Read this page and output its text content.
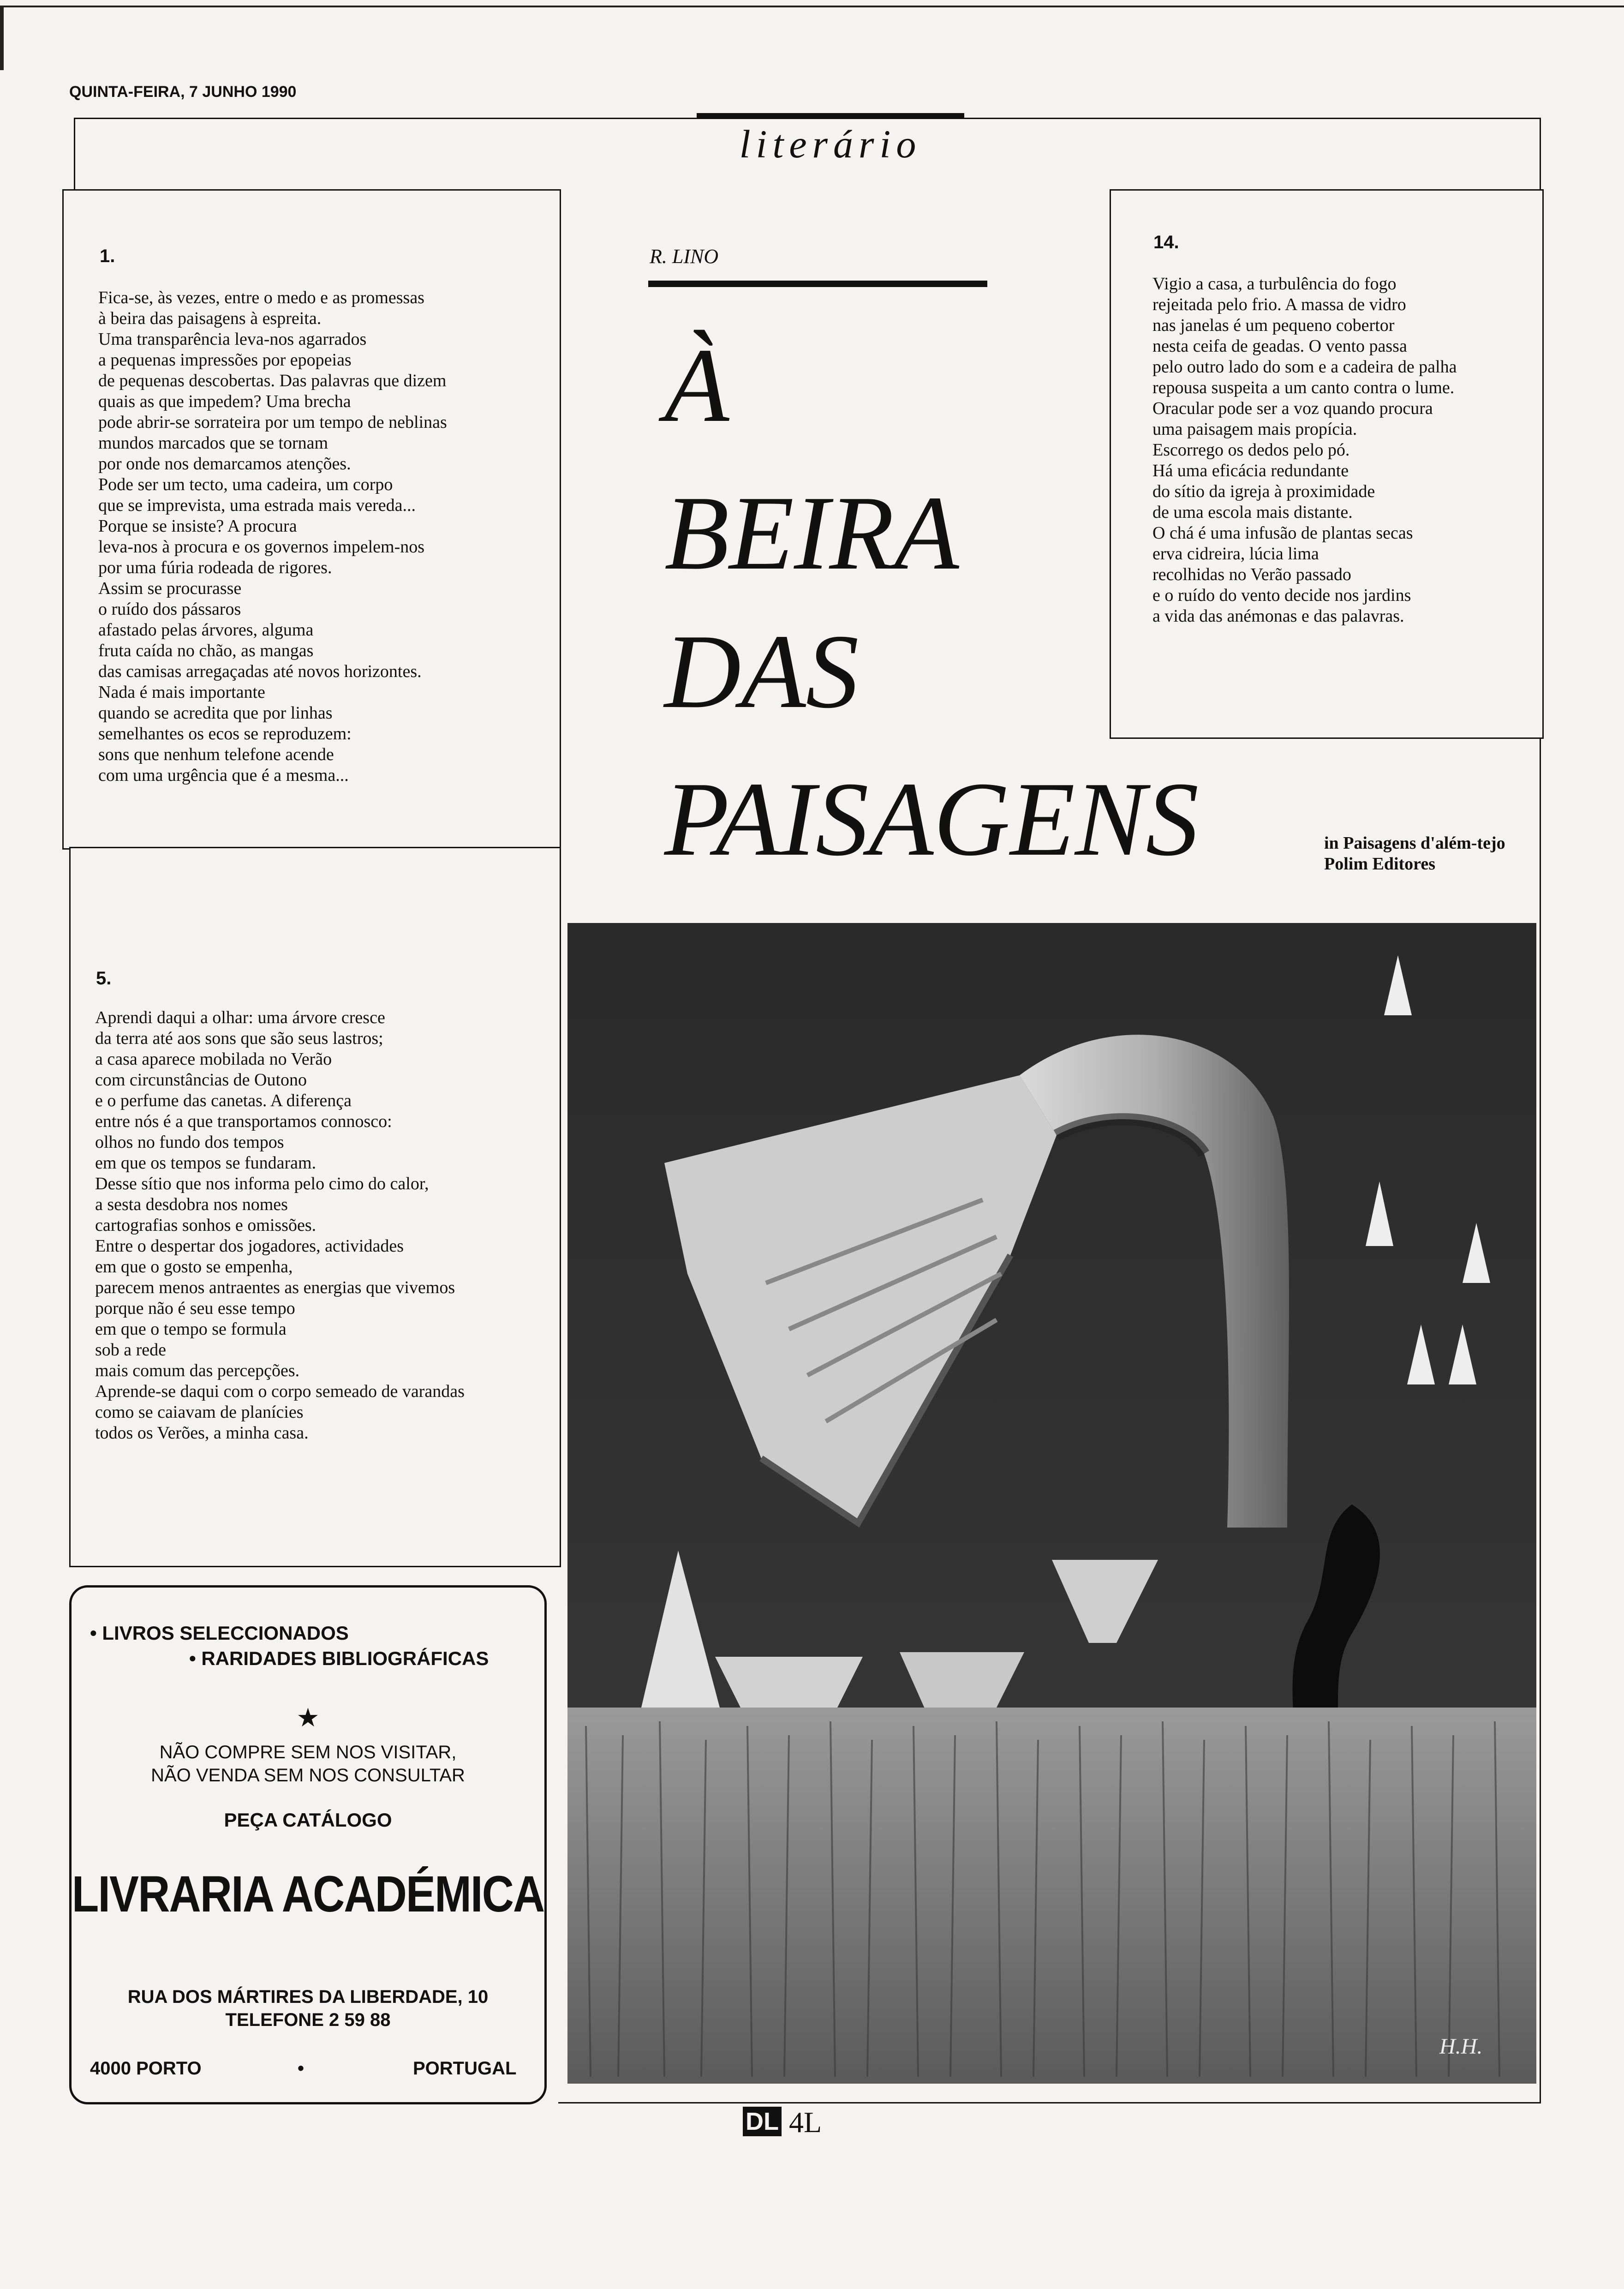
QUINTA-FEIRA, 7 JUNHO 1990
literário
1.
Fica-se, às vezes, entre o medo e as promessas
à beira das paisagens à espreita.
Uma transparência leva-nos agarrados
a pequenas impressões por epopeias
de pequenas descobertas. Das palavras que dizem
quais as que impedem? Uma brecha
pode abrir-se sorrateira por um tempo de neblinas
mundos marcados que se tornam
por onde nos demarcamos atenções.
Pode ser um tecto, uma cadeira, um corpo
que se imprevista, uma estrada mais vereda...
Porque se insiste? A procura
leva-nos à procura e os governos impelem-nos
por uma fúria rodeada de rigores.
Assim se procurasse
o ruído dos pássaros
afastado pelas árvores, alguma
fruta caída no chão, as mangas
das camisas arregaçadas até novos horizontes.
Nada é mais importante
quando se acredita que por linhas
semelhantes os ecos se reproduzem:
sons que nenhum telefone acende
com uma urgência que é a mesma...
5.
Aprendi daqui a olhar: uma árvore cresce
da terra até aos sons que são seus lastros;
a casa aparece mobilada no Verão
com circunstâncias de Outono
e o perfume das canetas. A diferença
entre nós é a que transportamos connosco:
olhos no fundo dos tempos
em que os tempos se fundaram.
Desse sítio que nos informa pelo cimo do calor,
a sesta desdobra nos nomes
cartografias sonhos e omissões.
Entre o despertar dos jogadores, actividades
em que o gosto se empenha,
parecem menos antraentes as energias que vivemos
porque não é seu esse tempo
em que o tempo se formula
sob a rede
mais comum das percepções.
Aprende-se daqui com o corpo semeado de varandas
como se caiavam de planícies
todos os Verões, a minha casa.
14.
Vigio a casa, a turbulência do fogo
rejeitada pelo frio. A massa de vidro
nas janelas é um pequeno cobertor
nesta ceifa de geadas. O vento passa
pelo outro lado do som e a cadeira de palha
repousa suspeita a um canto contra o lume.
Oracular pode ser a voz quando procura
uma paisagem mais propícia.
Escorrego os dedos pelo pó.
Há uma eficácia redundante
do sítio da igreja à proximidade
de uma escola mais distante.
O chá é uma infusão de plantas secas
erva cidreira, lúcia lima
recolhidas no Verão passado
e o ruído do vento decide nos jardins
a vida das anémonas e das palavras.
R. LINO
À
BEIRA
DAS
PAISAGENS	in Paisagens d'além-tejo
Polim Editores
H.H.
• LIVROS SELECCIONADOS
• RARIDADES BIBLIOGRÁFICAS
★
NÃO COMPRE SEM NOS VISITAR,
NÃO VENDA SEM NOS CONSULTAR
PEÇA CATÁLOGO
LIVRARIA ACADÉMICA
RUA DOS MÁRTIRES DA LIBERDADE, 10
TELEFONE 2 59 88
4000 PORTO	•	PORTUGAL
DL 4L
